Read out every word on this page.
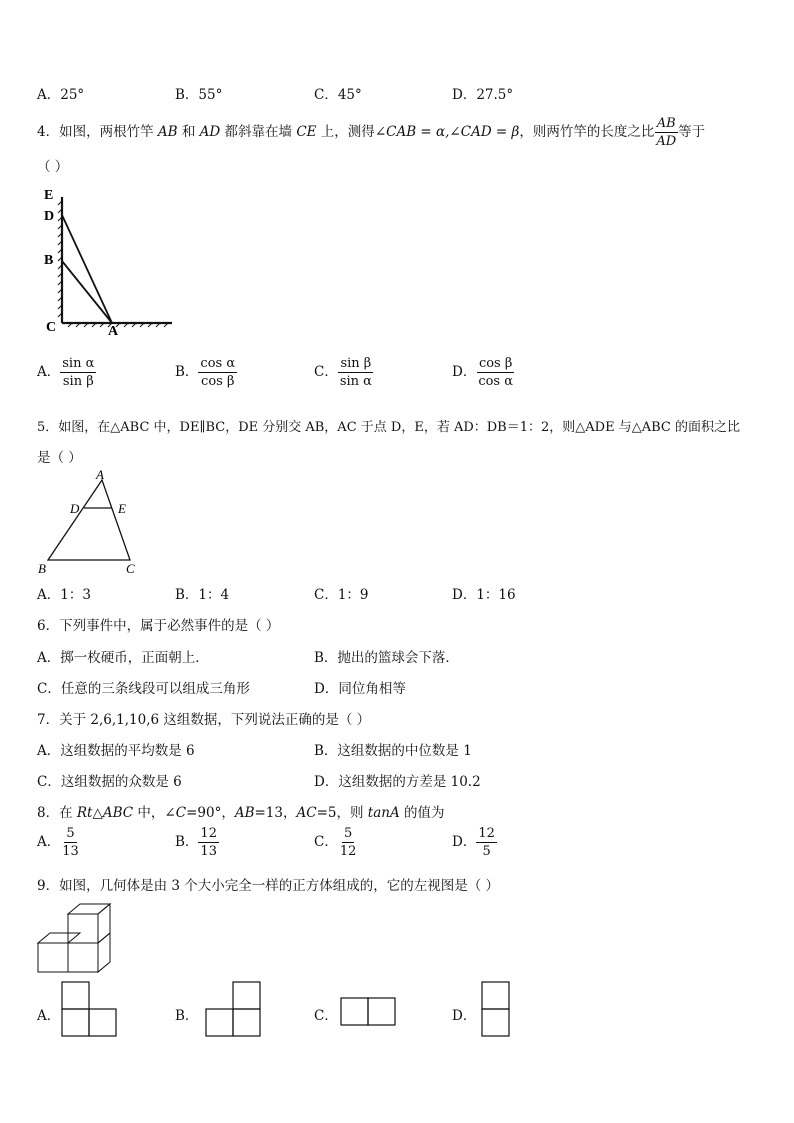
A．25°	B．55°	C．45°	D．27.5°
4．如图，两根竹竿 AB 和 AD 都斜靠在墙 CE 上，测得∠CAB = α,∠CAD = β，则两竹竿的长度之比 $\frac{AB}{AD}$ 等于
（ ）
E
D
B
C	A
A． $\frac{\text{sin α}}{\text{sin β}}$	B． $\frac{\text{cos α}}{\text{cos β}}$	C． $\frac{\text{sin β}}{\text{sin α}}$	D． $\frac{\text{cos β}}{\text{cos α}}$
5．如图，在△ABC 中，DE∥BC，DE 分别交 AB，AC 于点 D，E，若 AD：DB＝1：2，则△ADE 与△ABC 的面积之比
是（ ）
A
D	E
B	C
A．1：3	B．1：4	C．1：9	D．1：16
6．下列事件中，属于必然事件的是（ ）
A．掷一枚硬币，正面朝上．	B．抛出的篮球会下落．
C．任意的三条线段可以组成三角形	D．同位角相等
7．关于 2,6,1,10,6 这组数据，下列说法正确的是（ ）
A．这组数据的平均数是 6	B．这组数据的中位数是 1
C．这组数据的众数是 6	D．这组数据的方差是 10.2
8．在 Rt△ABC 中，∠C=90°，AB=13，AC=5，则 tanA 的值为
A． $\frac{5}{13}$	B． $\frac{12}{13}$	C． $\frac{5}{12}$	D． $\frac{12}{5}$
9．如图，几何体是由 3 个大小完全一样的正方体组成的，它的左视图是（ ）
A．	B．	C．	D．
